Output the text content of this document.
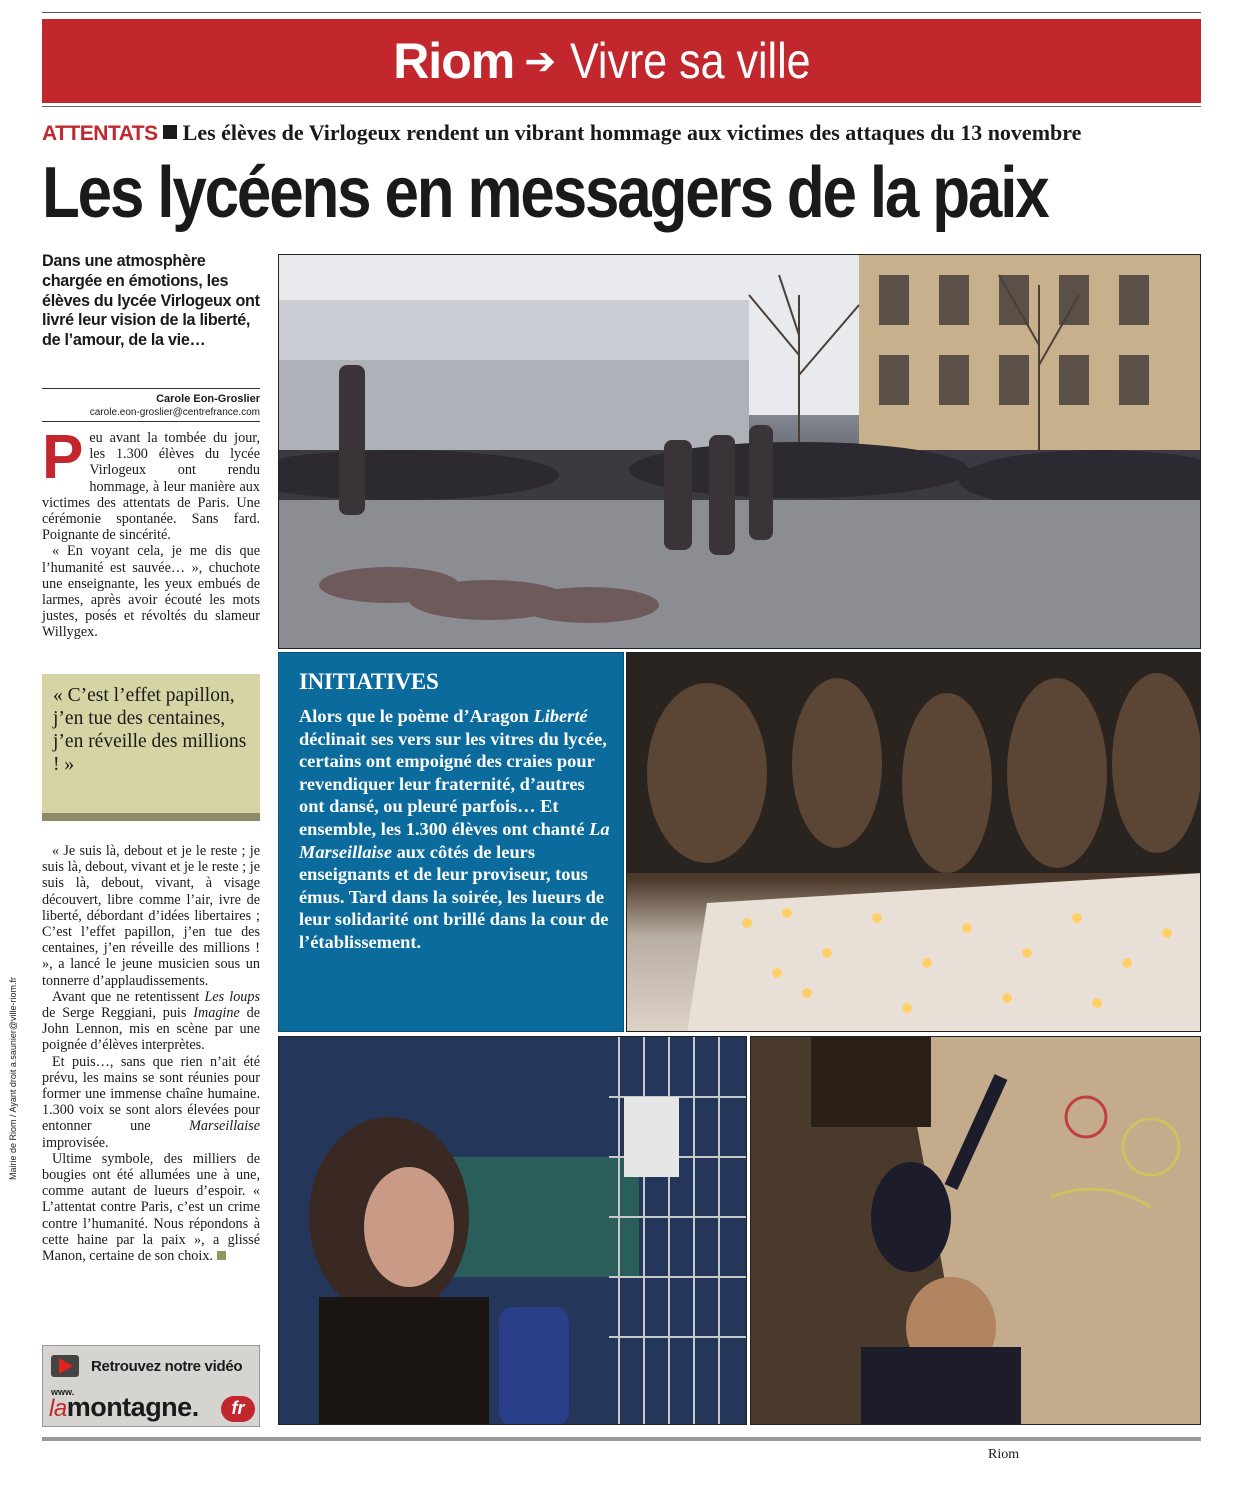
Riom ➔ Vivre sa ville
ATTENTATS Les élèves de Virlogeux rendent un vibrant hommage aux victimes des attaques du 13 novembre
Les lycéens en messagers de la paix
Dans une atmosphère chargée en émotions, les élèves du lycée Virlogeux ont livré leur vision de la liberté, de l’amour, de la vie…
Carole Eon-Groslier
carole.eon-groslier@centrefrance.com

Peu avant la tombée du jour, les 1.300 élèves du lycée Virlogeux ont rendu hommage, à leur manière aux victimes des attentats de Paris. Une cérémonie spontanée. Sans fard. Poignante de sincérité.

« En voyant cela, je me dis que l’humanité est sauvée… », chuchote une enseignante, les yeux embués de larmes, après avoir écouté les mots justes, posés et révoltés du slameur Willygex.

« C’est l’effet papillon, j’en tue des centaines, j’en réveille des millions ! »

« Je suis là, debout et je le reste ; je suis là, debout, vivant et je le reste ; je suis là, debout, vivant, à visage découvert, libre comme l’air, ivre de liberté, débordant d’idées libertaires ; C’est l’effet papillon, j’en tue des centaines, j’en réveille des millions ! », a lancé le jeune musicien sous un tonnerre d’applaudissements.

Avant que ne retentissent Les loups de Serge Reggiani, puis Imagine de John Lennon, mis en scène par une poignée d’élèves interprètes.

Et puis…, sans que rien n’ait été prévu, les mains se sont réunies pour former une immense chaîne humaine. 1.300 voix se sont alors élevées pour entonner une Marseillaise improvisée.

Ultime symbole, des milliers de bougies ont été allumées une à une, comme autant de lueurs d’espoir. « L’attentat contre Paris, c’est un crime contre l’humanité. Nous répondons à cette haine par la paix », a glissé Manon, certaine de son choix.

Retrouvez notre vidéo
www.
lamontagne.	fr
Mairie de Riom / Ayant droit a.saunier@ville-riom.fr
INITIATIVES
Alors que le poème d’Aragon Liberté déclinait ses vers sur les vitres du lycée, certains ont empoigné des craies pour revendiquer leur fraternité, d’autres ont dansé, ou pleuré parfois… Et ensemble, les 1.300 élèves ont chanté La Marseillaise aux côtés de leurs enseignants et de leur proviseur, tous émus. Tard dans la soirée, les lueurs de leur solidarité ont brillé dans la cour de l’établissement.
Riom
